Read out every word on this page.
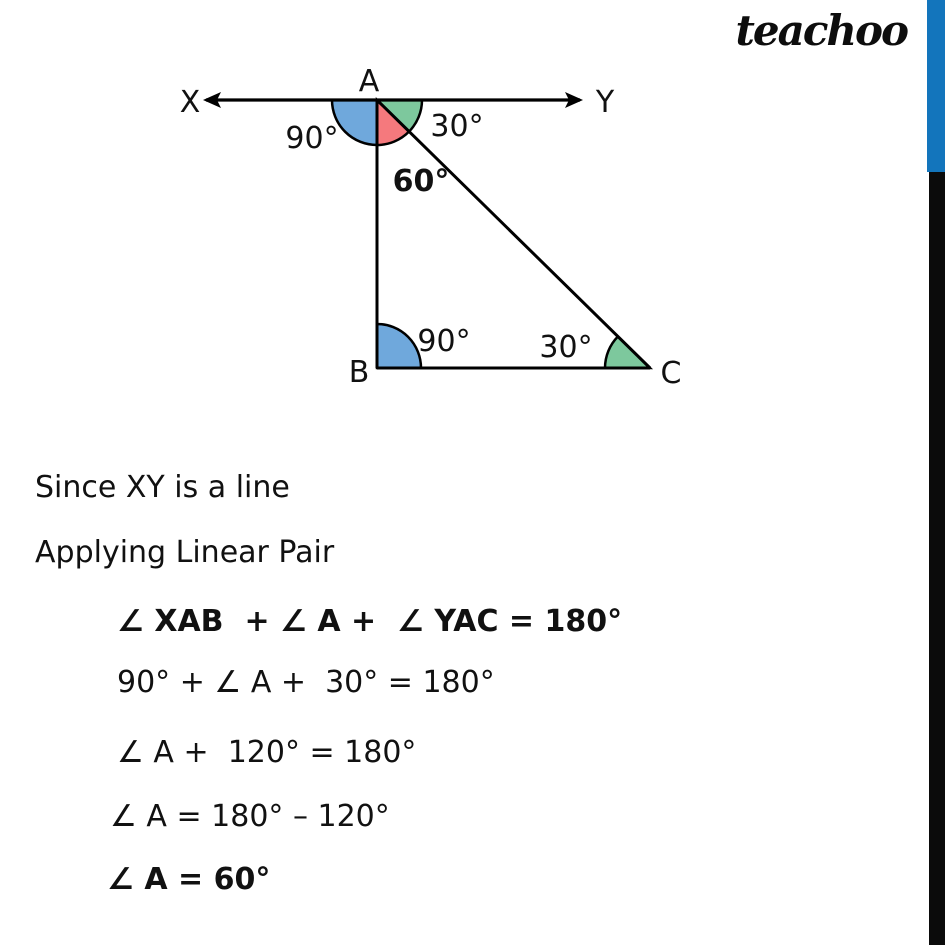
A
X	Y
B	C
90°	30°
60°
90° 30°
teachoo
Since XY is a line
Applying Linear Pair
∠ XAB  + ∠ A +  ∠ YAC = 180°
90° + ∠ A +  30° = 180°
∠ A +  120° = 180°
∠ A = 180° – 120°
∠ A = 60°
